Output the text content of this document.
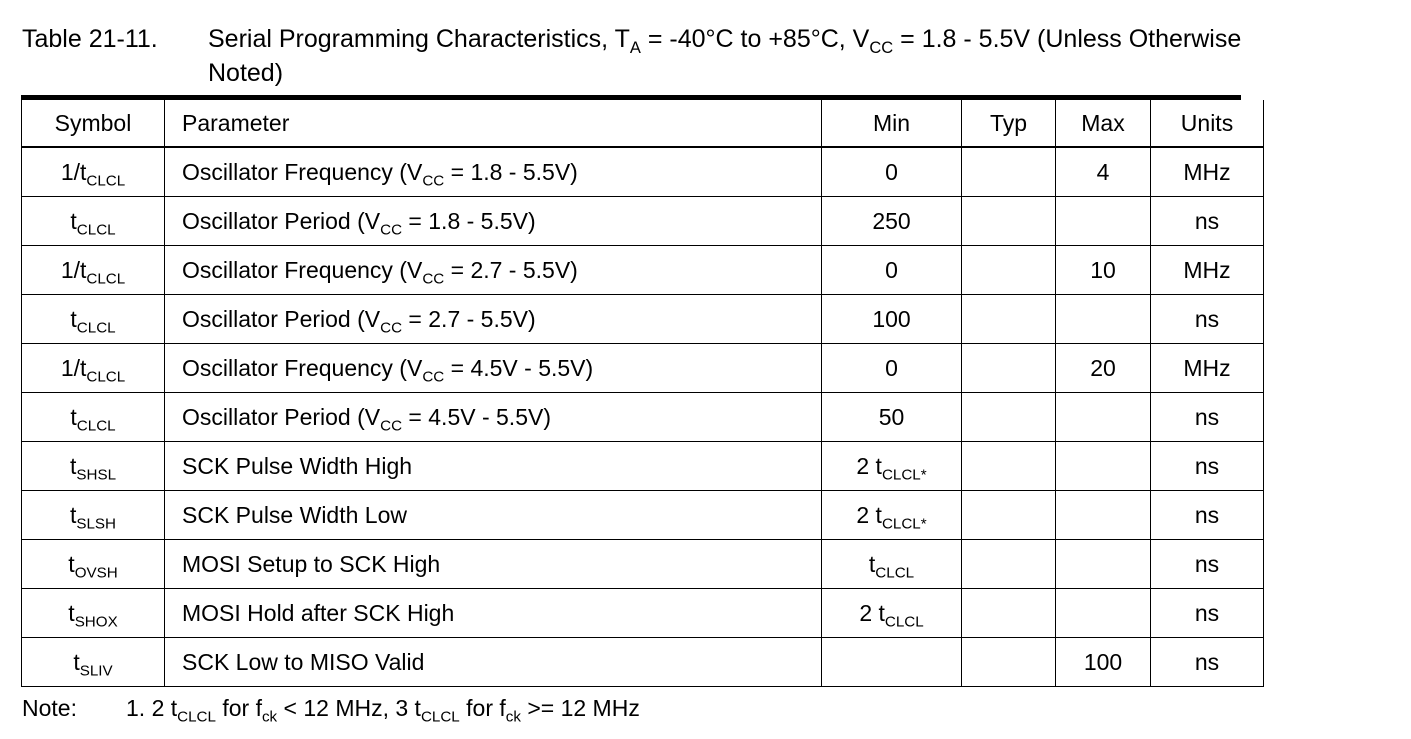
Table 21-11. Serial Programming Characteristics, $T_A = -40^\circ C$ to +85°C, $V_{CC} = 1.8 - 5.5V$ (Unless Otherwise
Noted)
Symbol	Parameter	Min	Typ	Max	Units
$1/t_{CLCL}$	Oscillator Frequency $(V_{CC} = 1.8 - 5.5V)$	0		4	MHz
$t_{CLCL}$	Oscillator Period $(V_{CC} = 1.8 - 5.5V)$	250			ns
$1/t_{CLCL}$	Oscillator Frequency $(V_{CC} = 2.7 - 5.5V)$	0		10	MHz
$t_{CLCL}$	Oscillator Period $(V_{CC} = 2.7 - 5.5V)$	100			ns
$1/t_{CLCL}$	Oscillator Frequency $(V_{CC} = 4.5V - 5.5V)$	0		20	MHz
$t_{CLCL}$	Oscillator Period $(V_{CC} = 4.5V - 5.5V)$	50			ns
$t_{SHSL}$	SCK Pulse Width High	2 $t_{CLCL*}$			ns
$t_{SLSH}$	SCK Pulse Width Low	2 $t_{CLCL*}$			ns
$t_{OVSH}$	MOSI Setup to SCK High	$t_{CLCL}$			ns
$t_{SHOX}$	MOSI Hold after SCK High	2 $t_{CLCL}$			ns
$t_{SLIV}$	SCK Low to MISO Valid			100	ns
Note: 1. 2 $t_{CLCL}$ for $f_{ck} < 12$ MHz, 3 $t_{CLCL}$ for $f_{ck} >= 12$ MHz
